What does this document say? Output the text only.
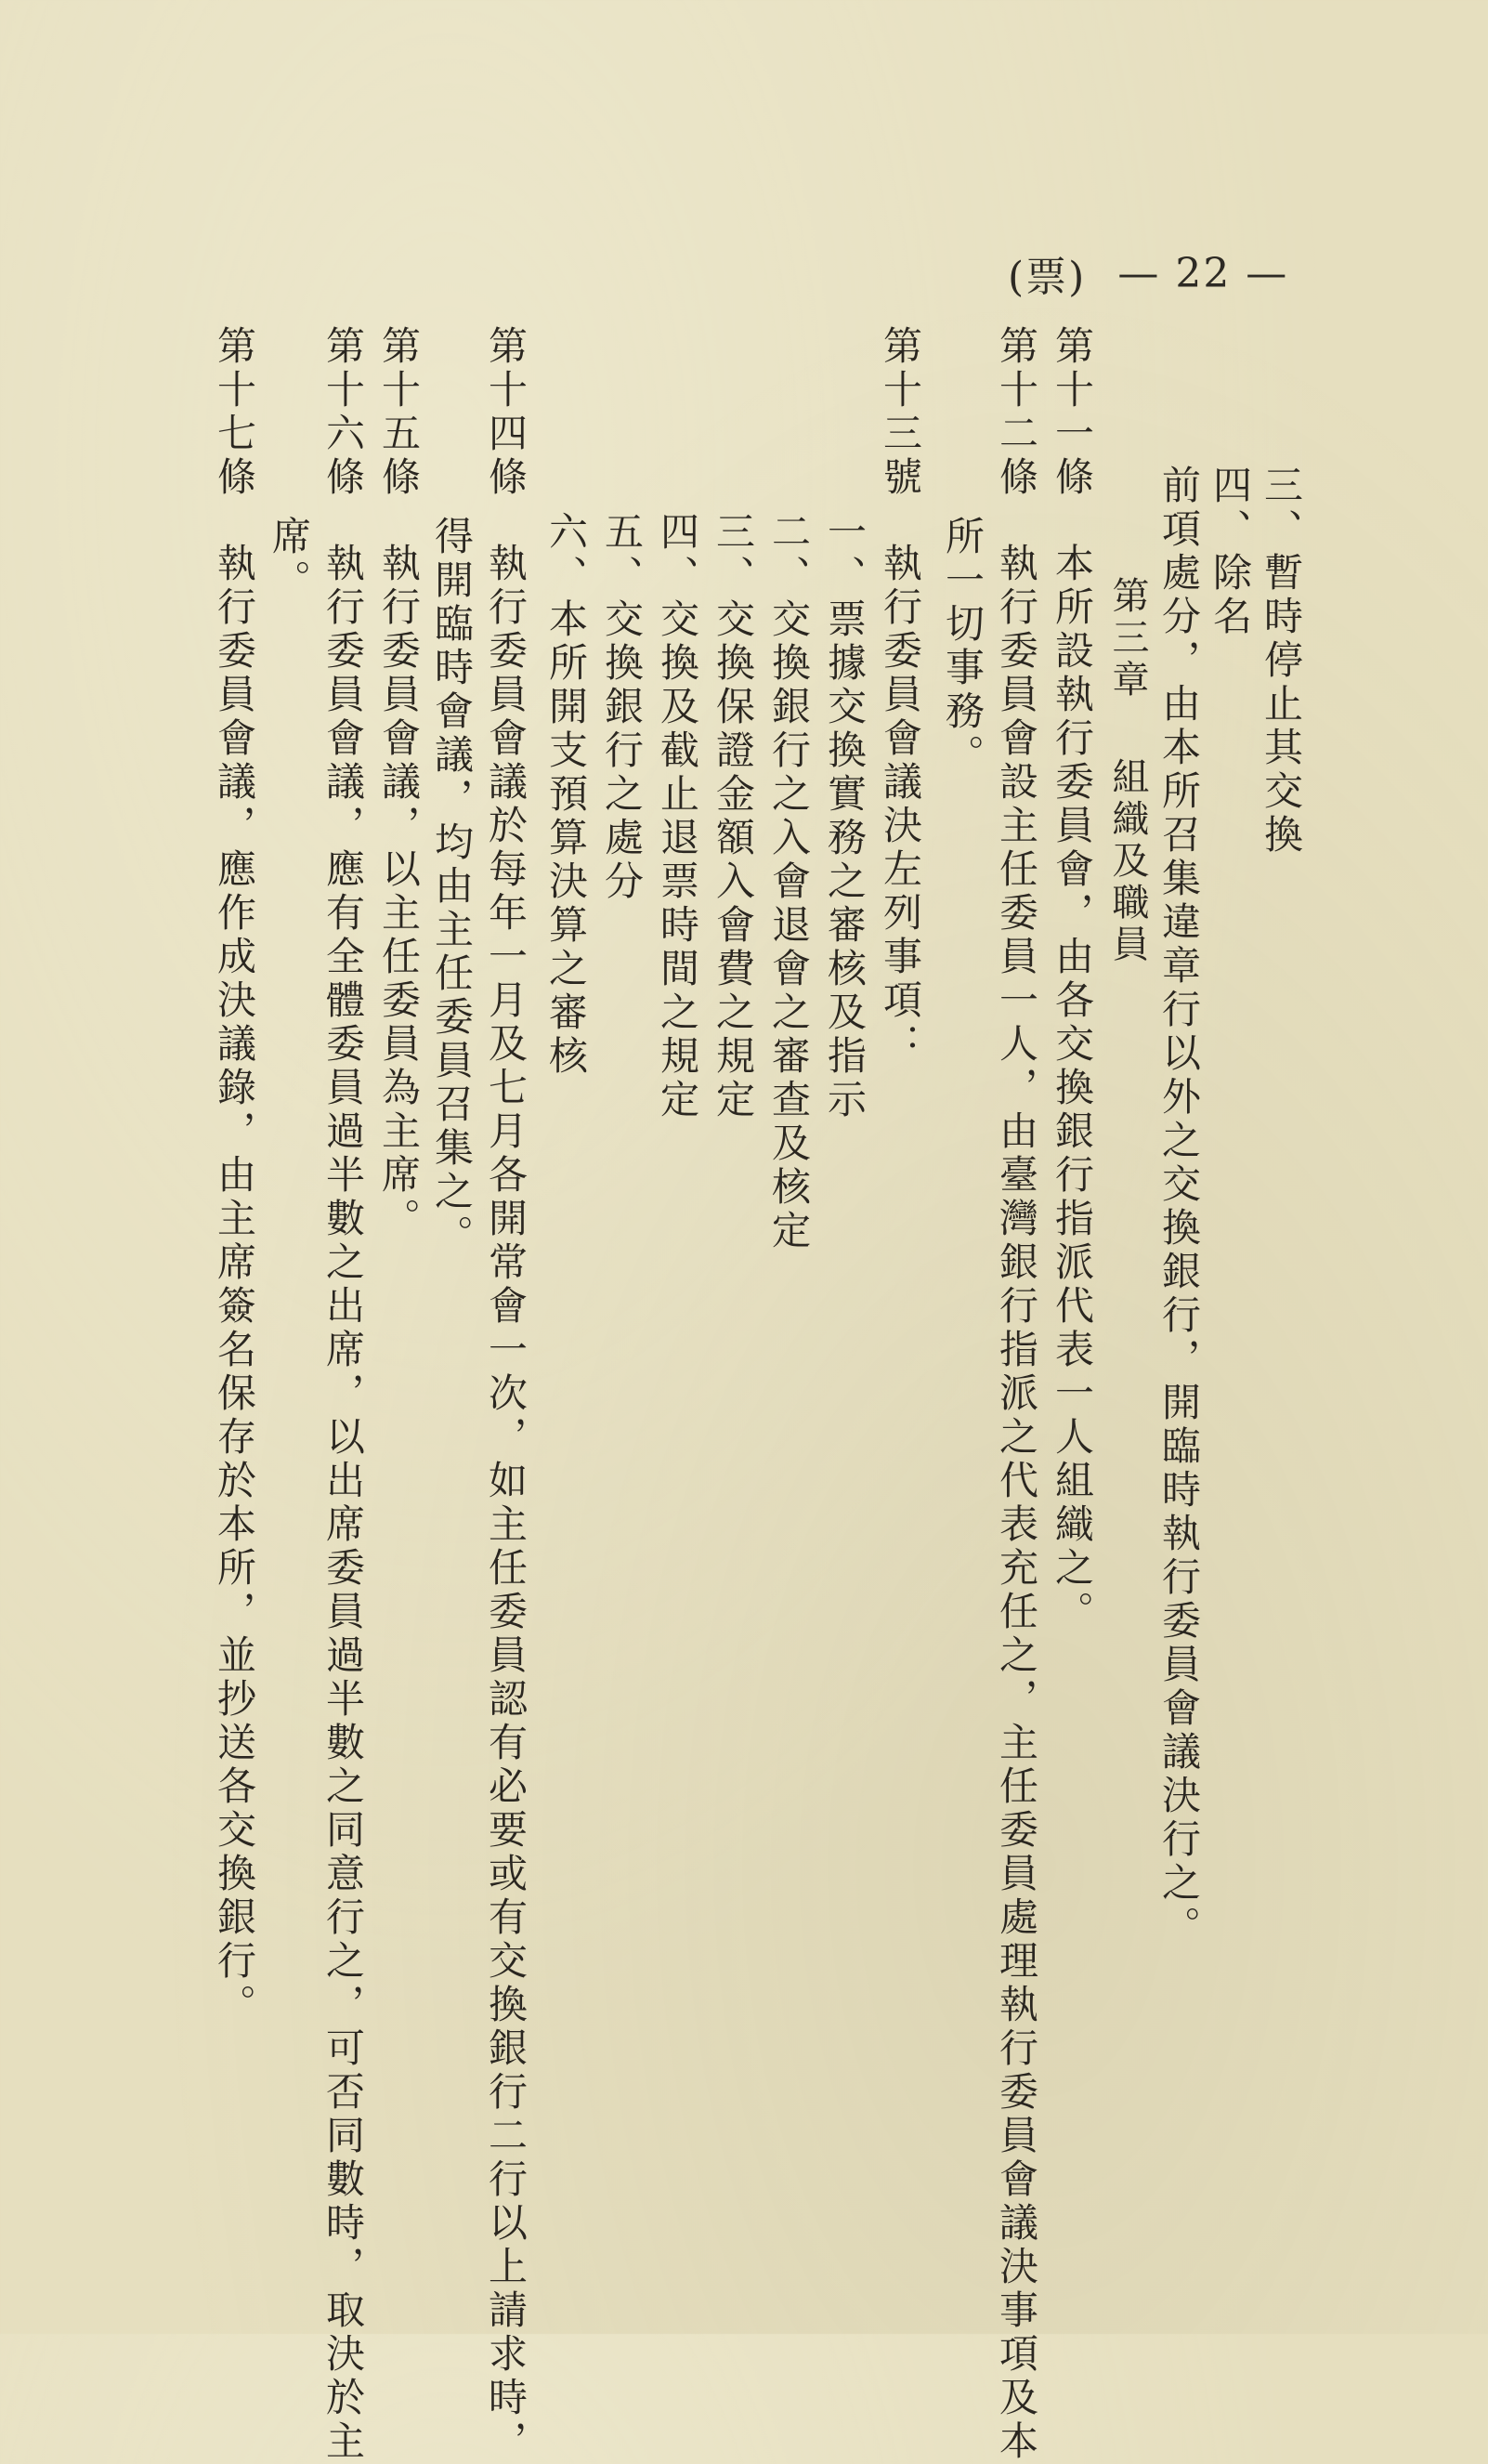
(票) — 22 —
三、暫時停止其交換
四、除名
前項處分，由本所召集違章行以外之交換銀行，開臨時執行委員會議決行之。
第三章組織及職員
第十一條本所設執行委員會，由各交換銀行指派代表一人組織之。
第十二條執行委員會設主任委員一人，由臺灣銀行指派之代表充任之，主任委員處理執行委員會議決事項及本
所一切事務。
第十三號執行委員會議決左列事項：
一、票據交換實務之審核及指示
二、交換銀行之入會退會之審查及核定
三、交換保證金額入會費之規定
四、交換及截止退票時間之規定
五、交換銀行之處分
六、本所開支預算決算之審核
第十四條執行委員會議於每年一月及七月各開常會一次，如主任委員認有必要或有交換銀行二行以上請求時，
得開臨時會議，均由主任委員召集之。
第十五條執行委員會議，以主任委員為主席。
第十六條執行委員會議，應有全體委員過半數之出席，以出席委員過半數之同意行之，可否同數時，取決於主
席。
第十七條執行委員會議，應作成決議錄，由主席簽名保存於本所，並抄送各交換銀行。
